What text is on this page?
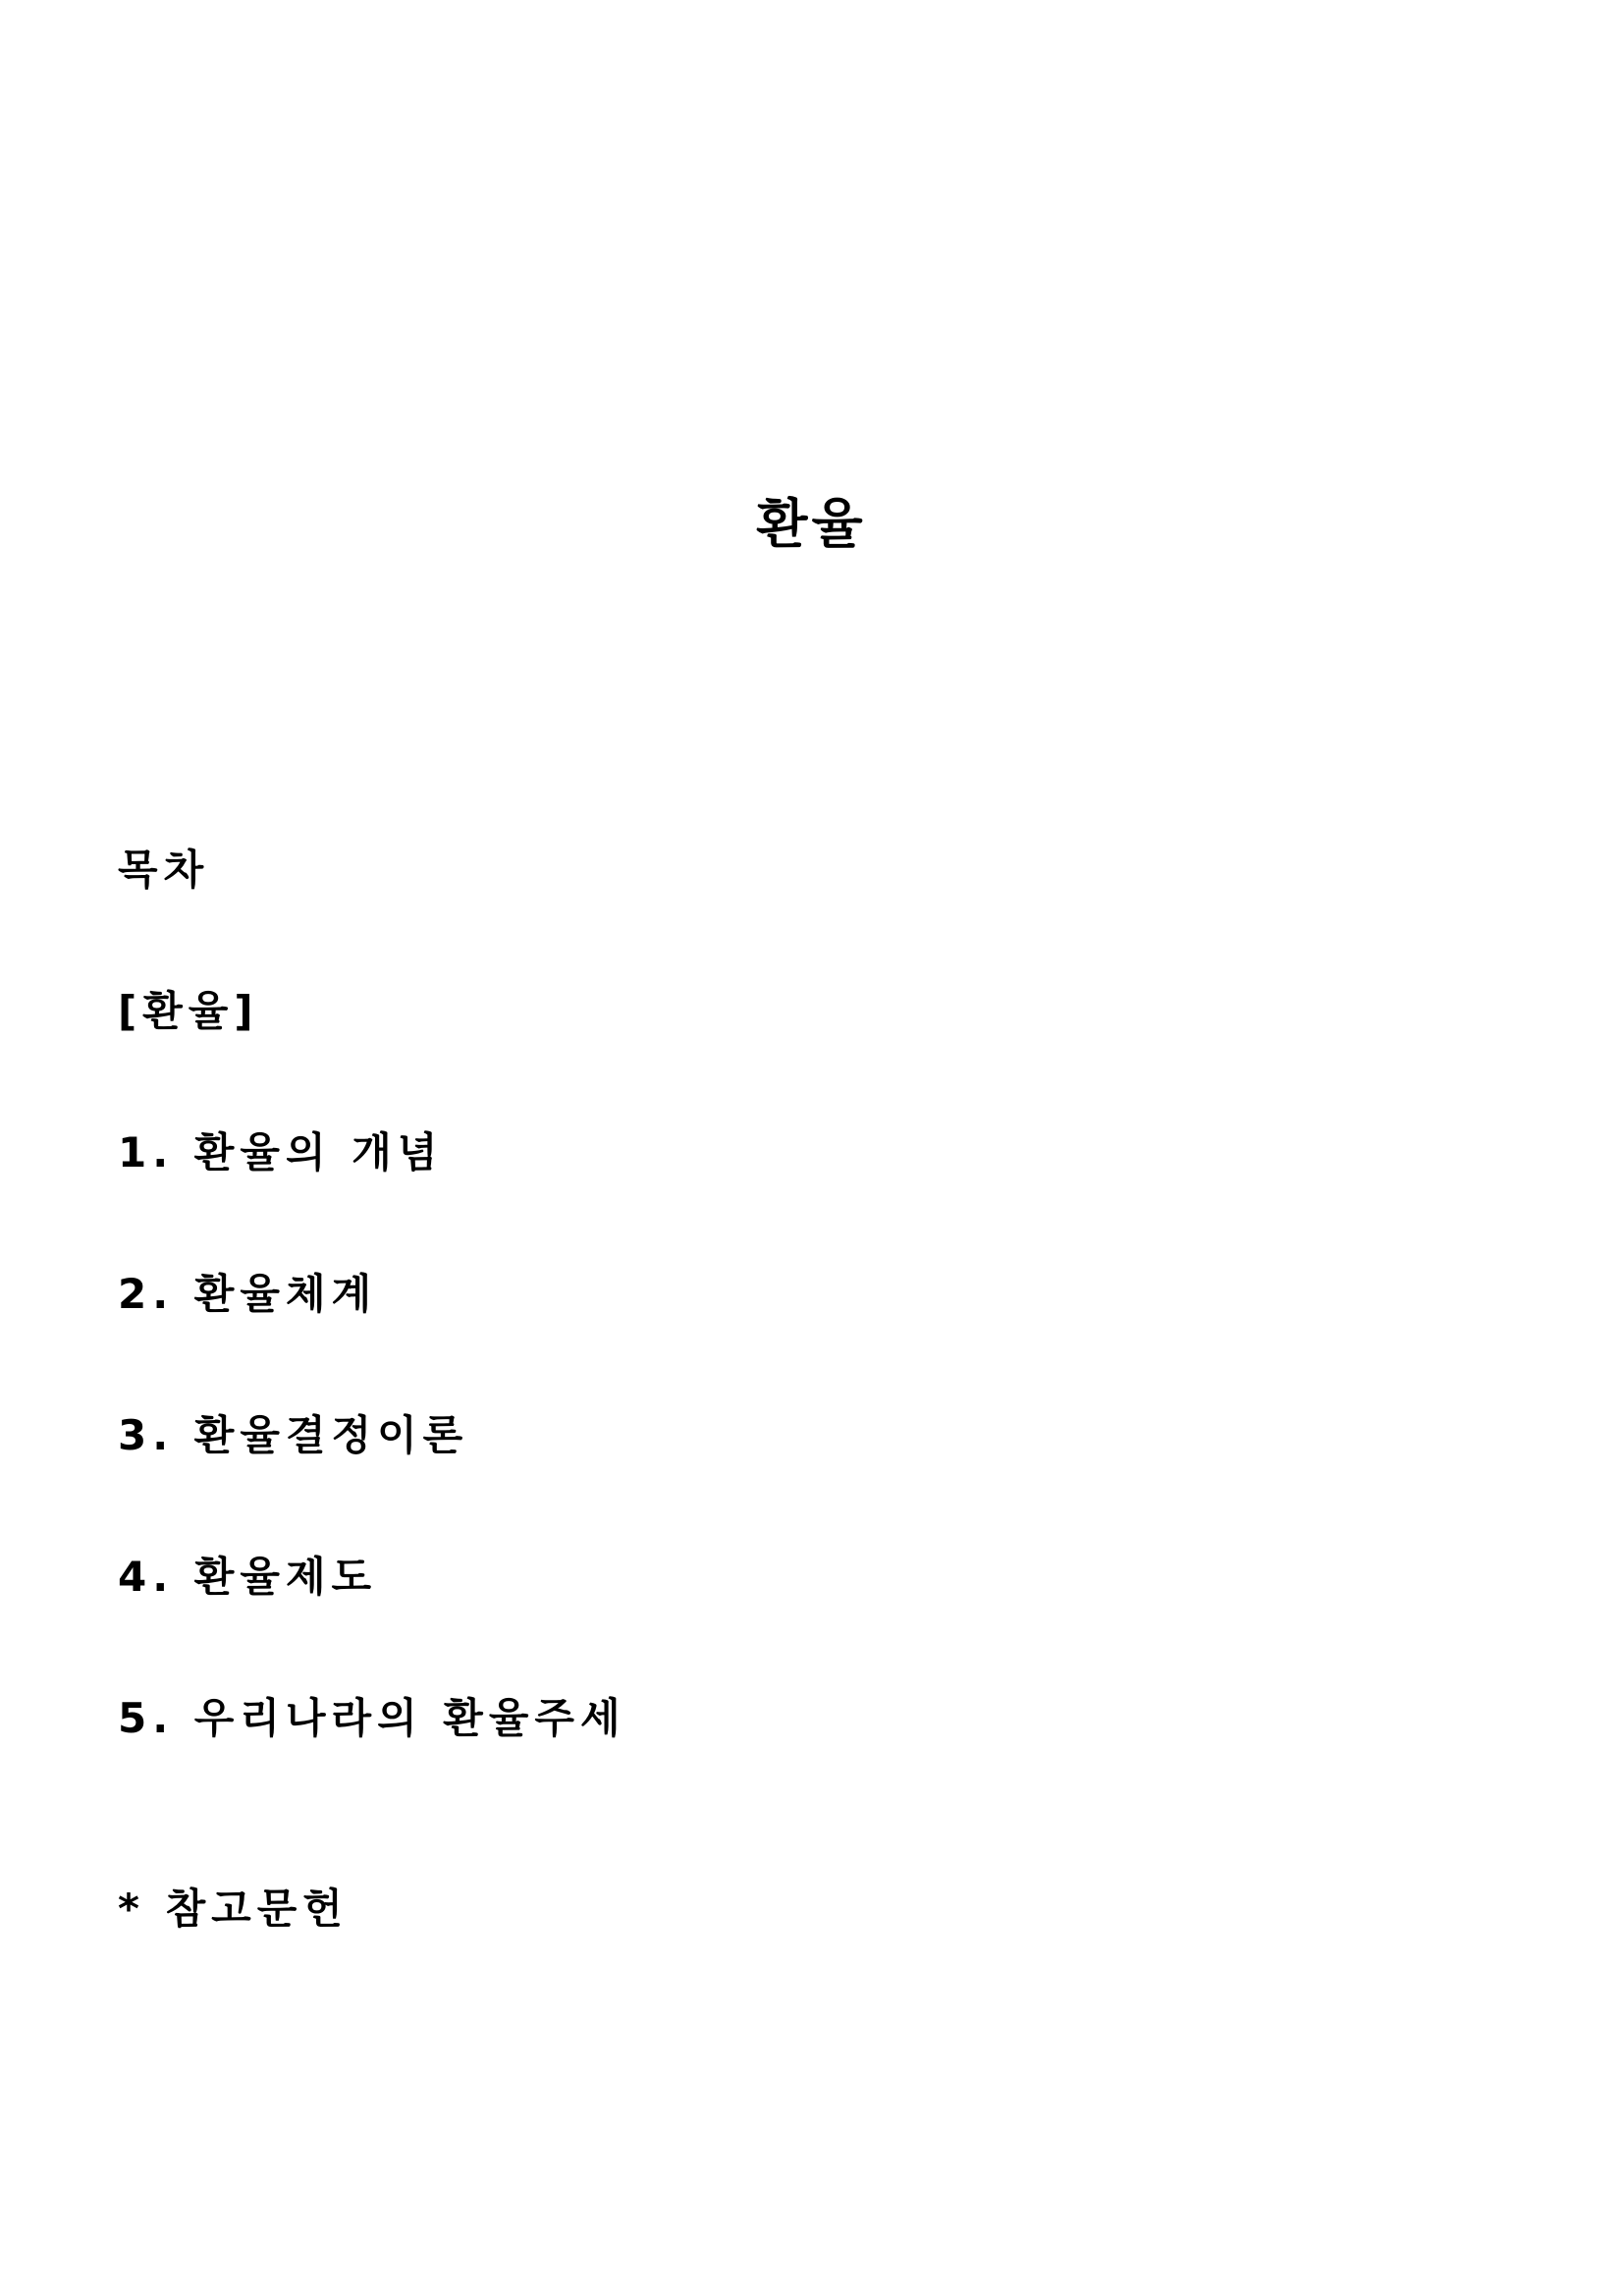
환율
목차
[환율]
1. 환율의 개념
2. 환율체계
3. 환율결정이론
4. 환율제도
5. 우리나라의 환율주세
* 참고문헌
